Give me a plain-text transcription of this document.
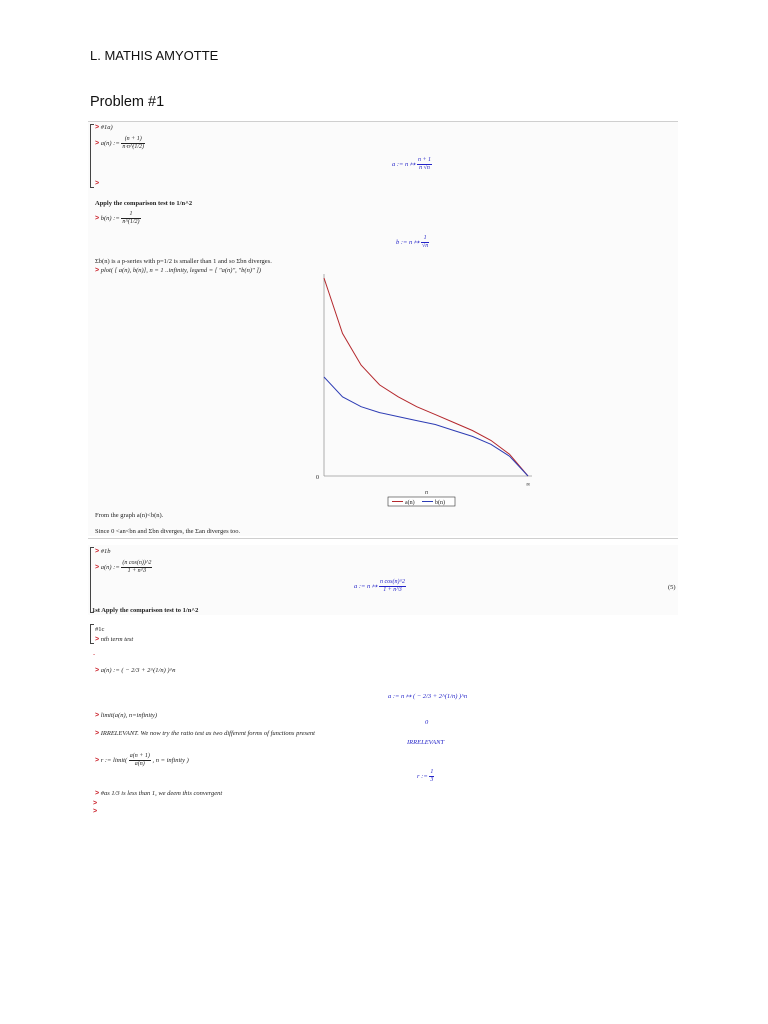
L. MATHIS AMYOTTE
Problem #1
> #1a)
> a(n) := $\frac{(n + 1)}{n\cdot n\^{}(1/2)}$
a := n ↦ $\frac{n + 1}{n √n}$
>
Apply the comparison test to 1/n^2
> b(n) := $\frac{1}{n\^{}(1/2)}$
b := n ↦ $\frac{1}{√n}$
Σb(n) is a p-series with p=1/2 is smaller than 1 and so Σbn diverges.
> plot( [ a(n), b(n)], n = 1 ..infinity, legend = [ "a(n)", "b(n)" ])
0
∞
n
a(n)	b(n)
From the graph a(n)<b(n).
Since 0 <an<bn and Σbn diverges, the Σan diverges too.
> #1b
> a(n) := $\frac{\text{(n cos(n))\textasciicircum{}2}}{1 + n\^{}3}$
a := n ↦ $\frac{\text{n cos(n)\textasciicircum{}2}}{1 + n\^{}3}$	(5)
1st Apply the comparison test to 1/n^2
#1c
> nth term test
-
> a(n) := ( − 2/3 + 2^(1/n) )^n
a := n ↦ ( − 2/3 + 2^(1/n) )^n
> limit(a(n), n=infinity)
0
> IRRELEVANT. We now try the ratio test as two different forms of functions present
IRRELEVANT
> r := limit( $\frac{a(n + 1)}{a(n)}$ , n = infinity )
r := $\frac{1}{3}$
> #as 1/3 is less than 1, we deem this convergent
>
>
